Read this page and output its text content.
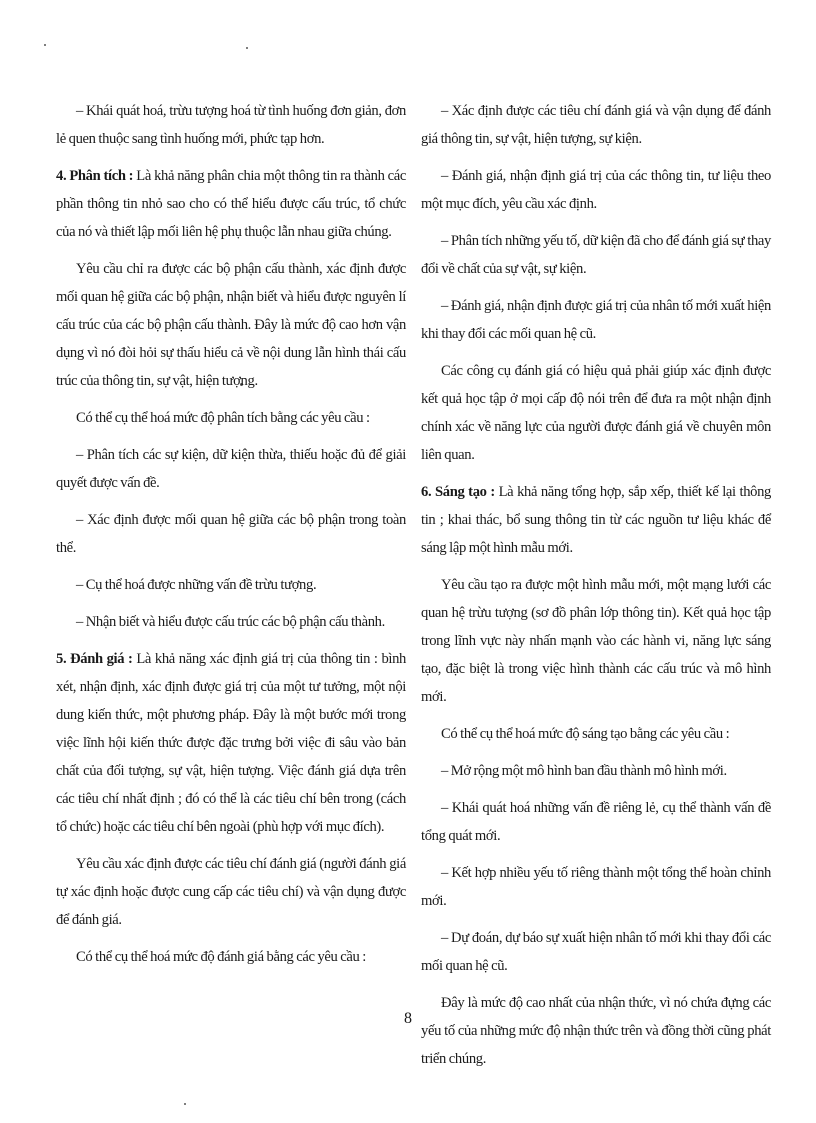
– Khái quát hoá, trừu tượng hoá từ tình huống đơn giản, đơn lẻ quen thuộc sang tình huống mới, phức tạp hơn.

4. Phân tích : Là khả năng phân chia một thông tin ra thành các phần thông tin nhỏ sao cho có thể hiểu được cấu trúc, tổ chức của nó và thiết lập mối liên hệ phụ thuộc lẫn nhau giữa chúng.

Yêu cầu chỉ ra được các bộ phận cấu thành, xác định được mối quan hệ giữa các bộ phận, nhận biết và hiểu được nguyên lí cấu trúc của các bộ phận cấu thành. Đây là mức độ cao hơn vận dụng vì nó đòi hỏi sự thấu hiểu cả về nội dung lẫn hình thái cấu trúc của thông tin, sự vật, hiện tượng.

Có thể cụ thể hoá mức độ phân tích bằng các yêu cầu :

– Phân tích các sự kiện, dữ kiện thừa, thiếu hoặc đủ để giải quyết được vấn đề.

– Xác định được mối quan hệ giữa các bộ phận trong toàn thể.

– Cụ thể hoá được những vấn đề trừu tượng.

– Nhận biết và hiểu được cấu trúc các bộ phận cấu thành.

5. Đánh giá : Là khả năng xác định giá trị của thông tin : bình xét, nhận định, xác định được giá trị của một tư tưởng, một nội dung kiến thức, một phương pháp. Đây là một bước mới trong việc lĩnh hội kiến thức được đặc trưng bởi việc đi sâu vào bản chất của đối tượng, sự vật, hiện tượng. Việc đánh giá dựa trên các tiêu chí nhất định ; đó có thể là các tiêu chí bên trong (cách tổ chức) hoặc các tiêu chí bên ngoài (phù hợp với mục đích).

Yêu cầu xác định được các tiêu chí đánh giá (người đánh giá tự xác định hoặc được cung cấp các tiêu chí) và vận dụng được để đánh giá.

Có thể cụ thể hoá mức độ đánh giá bằng các yêu cầu :

– Xác định được các tiêu chí đánh giá và vận dụng để đánh giá thông tin, sự vật, hiện tượng, sự kiện.

– Đánh giá, nhận định giá trị của các thông tin, tư liệu theo một mục đích, yêu cầu xác định.

– Phân tích những yếu tố, dữ kiện đã cho để đánh giá sự thay đổi về chất của sự vật, sự kiện.

– Đánh giá, nhận định được giá trị của nhân tố mới xuất hiện khi thay đổi các mối quan hệ cũ.

Các công cụ đánh giá có hiệu quả phải giúp xác định được kết quả học tập ở mọi cấp độ nói trên để đưa ra một nhận định chính xác về năng lực của người được đánh giá về chuyên môn liên quan.

6. Sáng tạo : Là khả năng tổng hợp, sắp xếp, thiết kế lại thông tin ; khai thác, bổ sung thông tin từ các nguồn tư liệu khác để sáng lập một hình mẫu mới.

Yêu cầu tạo ra được một hình mẫu mới, một mạng lưới các quan hệ trừu tượng (sơ đồ phân lớp thông tin). Kết quả học tập trong lĩnh vực này nhấn mạnh vào các hành vi, năng lực sáng tạo, đặc biệt là trong việc hình thành các cấu trúc và mô hình mới.

Có thể cụ thể hoá mức độ sáng tạo bằng các yêu cầu :

– Mở rộng một mô hình ban đầu thành mô hình mới.

– Khái quát hoá những vấn đề riêng lẻ, cụ thể thành vấn đề tổng quát mới.

– Kết hợp nhiều yếu tố riêng thành một tổng thể hoàn chỉnh mới.

– Dự đoán, dự báo sự xuất hiện nhân tố mới khi thay đổi các mối quan hệ cũ.

Đây là mức độ cao nhất của nhận thức, vì nó chứa đựng các yếu tố của những mức độ nhận thức trên và đồng thời cũng phát triển chúng.

8
